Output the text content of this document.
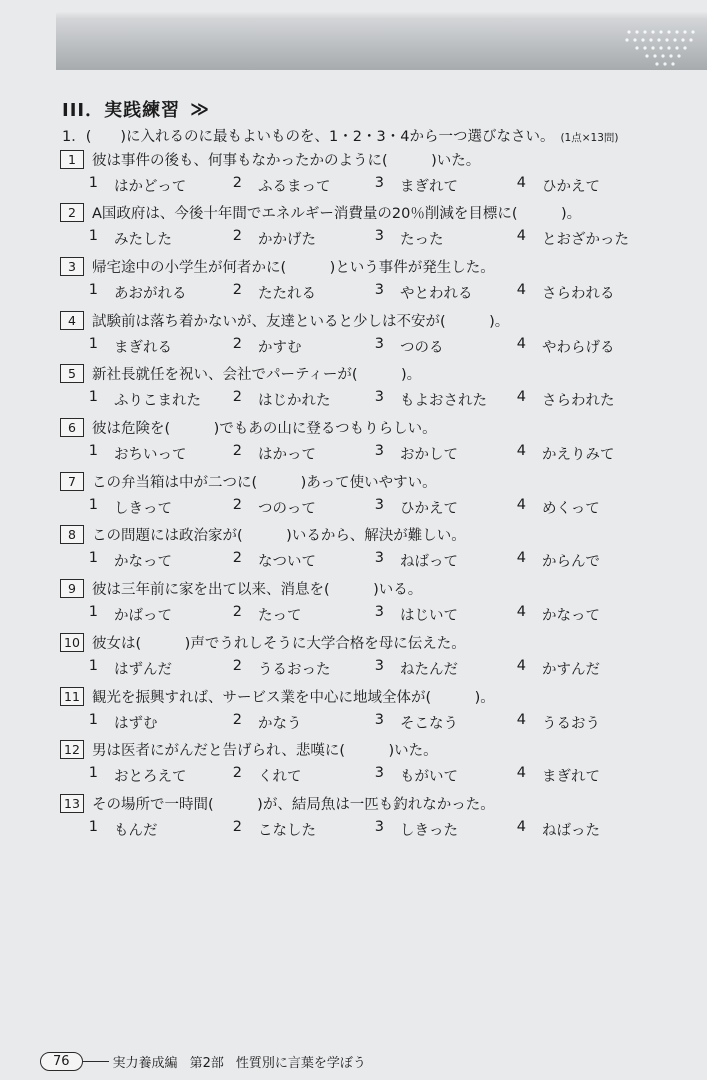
III．実践練習 ≫
1．(　　)に入れるのに最もよいものを、1・2・3・4から一つ選びなさい。 (1点×13問)
1	彼は事件の後も、何事もなかったかのように(　　　)いた。
1 はかどって	2 ふるまって	3 まぎれて	4 ひかえて
2	A国政府は、今後十年間でエネルギー消費量の20％削減を目標に(　　　)。
1 みたした	2 かかげた	3 たった	4 とおざかった
3	帰宅途中の小学生が何者かに(　　　)という事件が発生した。
1 あおがれる	2 たたれる	3 やとわれる	4 さらわれる
4	試験前は落ち着かないが、友達といると少しは不安が(　　　)。
1 まぎれる	2 かすむ	3 つのる	4 やわらげる
5	新社長就任を祝い、会社でパーティーが(　　　)。
1 ふりこまれた 2 はじかれた	3 もよおされた 4 さらわれた
6	彼は危険を(　　　)でもあの山に登るつもりらしい。
1 おちいって	2 はかって	3 おかして	4 かえりみて
7	この弁当箱は中が二つに(　　　)あって使いやすい。
1 しきって	2 つのって	3 ひかえて	4 めくって
8	この問題には政治家が(　　　)いるから、解決が難しい。
1 かなって	2 なついて	3 ねばって	4 からんで
9	彼は三年前に家を出て以来、消息を(　　　)いる。
1 かばって	2 たって	3 はじいて	4 かなって
10 彼女は(　　　)声でうれしそうに大学合格を母に伝えた。
1 はずんだ	2 うるおった	3 ねたんだ	4 かすんだ
11 観光を振興すれば、サービス業を中心に地域全体が(　　　)。
1 はずむ	2 かなう	3 そこなう	4 うるおう
12 男は医者にがんだと告げられ、悲嘆に(　　　)いた。
1 おとろえて	2 くれて	3 もがいて	4 まぎれて
13 その場所で一時間(　　　)が、結局魚は一匹も釣れなかった。
1 もんだ	2 こなした	3 しきった	4 ねばった
76	実力養成編 第2部 性質別に言葉を学ぼう
